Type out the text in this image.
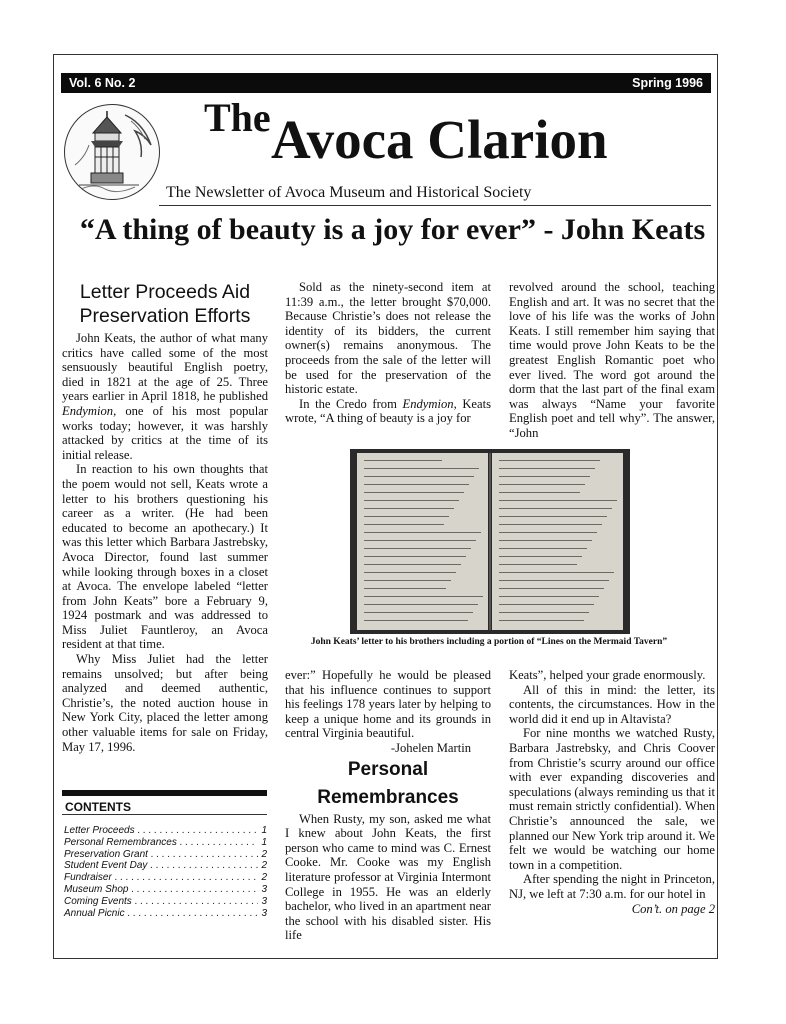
Vol. 6 No. 2	Spring 1996
The Avoca Clarion
The Newsletter of Avoca Museum and Historical Society
“A thing of beauty is a joy for ever” - John Keats
Letter Proceeds Aid Preservation Efforts

John Keats, the author of what many critics have called some of the most sensuously beautiful English poetry, died in 1821 at the age of 25. Three years earlier in April 1818, he published Endymion, one of his most popular works today; however, it was harshly attacked by critics at the time of its initial release.

In reaction to his own thoughts that the poem would not sell, Keats wrote a letter to his brothers questioning his career as a writer. (He had been educated to become an apothecary.) It was this letter which Barbara Jastrebsky, Avoca Director, found last summer while looking through boxes in a closet at Avoca. The envelope labeled “letter from John Keats” bore a February 9, 1924 postmark and was addressed to Miss Juliet Fauntleroy, an Avoca resident at that time.

Why Miss Juliet had the letter remains unsolved; but after being analyzed and deemed authentic, Christie’s, the noted auction house in New York City, placed the letter among other valuable items for sale on Friday, May 17, 1996.

Sold as the ninety-second item at 11:39 a.m., the letter brought $70,000. Because Christie’s does not release the identity of its bidders, the current owner(s) remains anonymous. The proceeds from the sale of the letter will be used for the preservation of the historic estate.

In the Credo from Endymion, Keats wrote, “A thing of beauty is a joy for

revolved around the school, teaching English and art. It was no secret that the love of his life was the works of John Keats. I still remember him saying that time would prove John Keats to be the greatest English Romantic poet who ever lived. The word got around the dorm that the last part of the final exam was always “Name your favorite English poet and tell why”. The answer, “John

John Keats’ letter to his brothers including a portion of “Lines on the Mermaid Tavern”

ever:” Hopefully he would be pleased that his influence continues to support his feelings 178 years later by helping to keep a unique home and its grounds in central Virginia beautiful.

-Johelen Martin
Personal
Remembrances

When Rusty, my son, asked me what I knew about John Keats, the first person who came to mind was C. Ernest Cooke. Mr. Cooke was my English literature professor at Virginia Intermont College in 1955. He was an elderly bachelor, who lived in an apartment near the school with his disabled sister. His life

Keats”, helped your grade enormously.

All of this in mind: the letter, its contents, the circumstances. How in the world did it end up in Altavista?

For nine months we watched Rusty, Barbara Jastrebsky, and Chris Coover from Christie’s scurry around our office with ever expanding discoveries and speculations (always reminding us that it must remain strictly confidential). When Christie’s announced the sale, we planned our New York trip around it. We felt we would be watching our home town in a competition.

After spending the night in Princeton, NJ, we left at 7:30 a.m. for our hotel in

Con’t. on page 2
CONTENTS
Letter Proceeds . . .	1
Personal Remembrances . . .	1
Preservation Grant . . .	2
Student Event Day . . .	2
Fundraiser . . .	2
Museum Shop . . .	3
Coming Events . . .	3
Annual Picnic . . .	3
